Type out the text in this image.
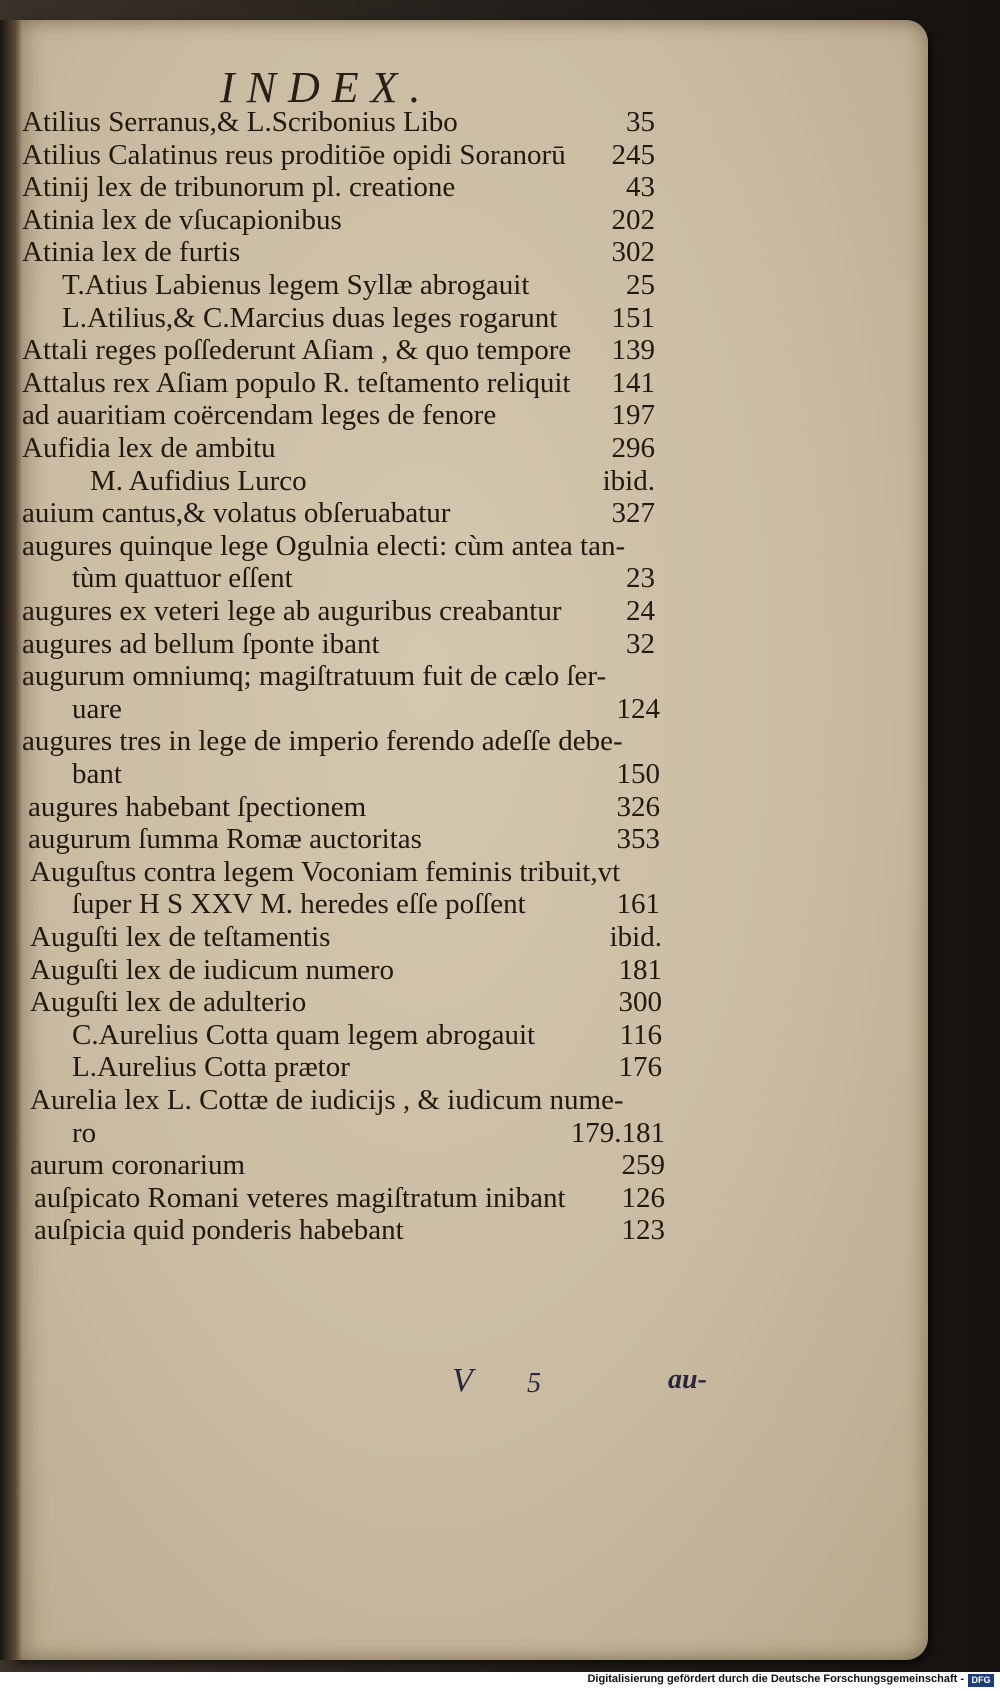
INDEX.
Atilius Serranus,& L.Scribonius Libo	35
Atilius Calatinus reus proditiōe opidi Soranorū 245
Atinij lex de tribunorum pl. creatione	43
Atinia lex de vſucapionibus	202
Atinia lex de furtis	302
T.Atius Labienus legem Syllæ abrogauit	25
L.Atilius,& C.Marcius duas leges rogarunt 151
Attali reges poſſederunt Aſiam , & quo tempore 139
Attalus rex Aſiam populo R. teſtamento reliquit 141
ad auaritiam coërcendam leges de fenore	197
Aufidia lex de ambitu	296
M. Aufidius Lurco	ibid.
auium cantus,& volatus obſeruabatur	327
augures quinque lege Ogulnia electi: cùm antea tan-
tùm quattuor eſſent	23
augures ex veteri lege ab auguribus creabantur 24
augures ad bellum ſponte ibant	32
augurum omniumq; magiſtratuum fuit de cælo ſer-
uare	124
augures tres in lege de imperio ferendo adeſſe debe-
bant	150
augures habebant ſpectionem	326
augurum ſumma Romæ auctoritas	353
Auguſtus contra legem Voconiam feminis tribuit,vt
ſuper H S XXV M. heredes eſſe poſſent	161
Auguſti lex de teſtamentis	ibid.
Auguſti lex de iudicum numero	181
Auguſti lex de adulterio	300
C.Aurelius Cotta quam legem abrogauit	116
L.Aurelius Cotta prætor	176
Aurelia lex L. Cottæ de iudicijs , & iudicum nume-
ro	179.181
aurum coronarium	259
auſpicato Romani veteres magiſtratum inibant 126
auſpicia quid ponderis habebant	123
V 5	au-
Digitalisierung gefördert durch die Deutsche Forschungsgemeinschaft - DFG
